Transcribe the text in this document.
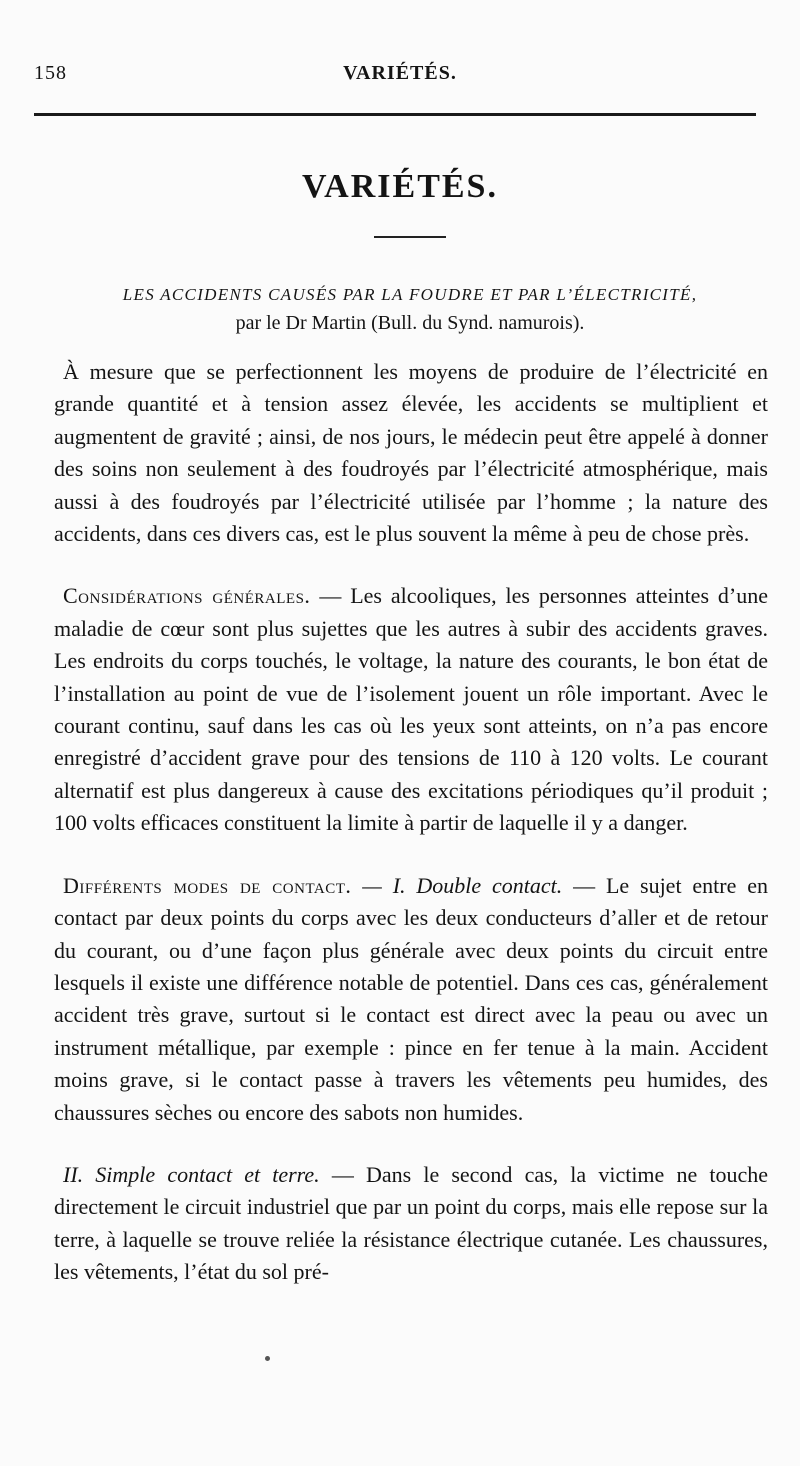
158	VARIÉTÉS.
VARIÉTÉS.
LES ACCIDENTS CAUSÉS PAR LA FOUDRE ET PAR L’ÉLECTRICITÉ,
par le Dr Martin (Bull. du Synd. namurois).

À mesure que se perfectionnent les moyens de produire de l’électricité en grande quantité et à tension assez élevée, les accidents se multiplient et augmentent de gravité ; ainsi, de nos jours, le médecin peut être appelé à donner des soins non seulement à des foudroyés par l’électricité atmosphérique, mais aussi à des foudroyés par l’électricité utilisée par l’homme ; la nature des accidents, dans ces divers cas, est le plus souvent la même à peu de chose près.

Considérations générales. — Les alcooliques, les personnes atteintes d’une maladie de cœur sont plus sujettes que les autres à subir des accidents graves. Les endroits du corps touchés, le voltage, la nature des courants, le bon état de l’installation au point de vue de l’isolement jouent un rôle important. Avec le courant continu, sauf dans les cas où les yeux sont atteints, on n’a pas encore enregistré d’accident grave pour des tensions de 110 à 120 volts. Le courant alternatif est plus dangereux à cause des excitations périodiques qu’il produit ; 100 volts efficaces constituent la limite à partir de laquelle il y a danger.

Différents modes de contact. — I. Double contact. — Le sujet entre en contact par deux points du corps avec les deux conducteurs d’aller et de retour du courant, ou d’une façon plus générale avec deux points du circuit entre lesquels il existe une différence notable de potentiel. Dans ces cas, généralement accident très grave, surtout si le contact est direct avec la peau ou avec un instrument métallique, par exemple : pince en fer tenue à la main. Accident moins grave, si le contact passe à travers les vêtements peu humides, des chaussures sèches ou encore des sabots non humides.

II. Simple contact et terre. — Dans le second cas, la victime ne touche directement le circuit industriel que par un point du corps, mais elle repose sur la terre, à laquelle se trouve reliée la résistance électrique cutanée. Les chaussures, les vêtements, l’état du sol pré-
